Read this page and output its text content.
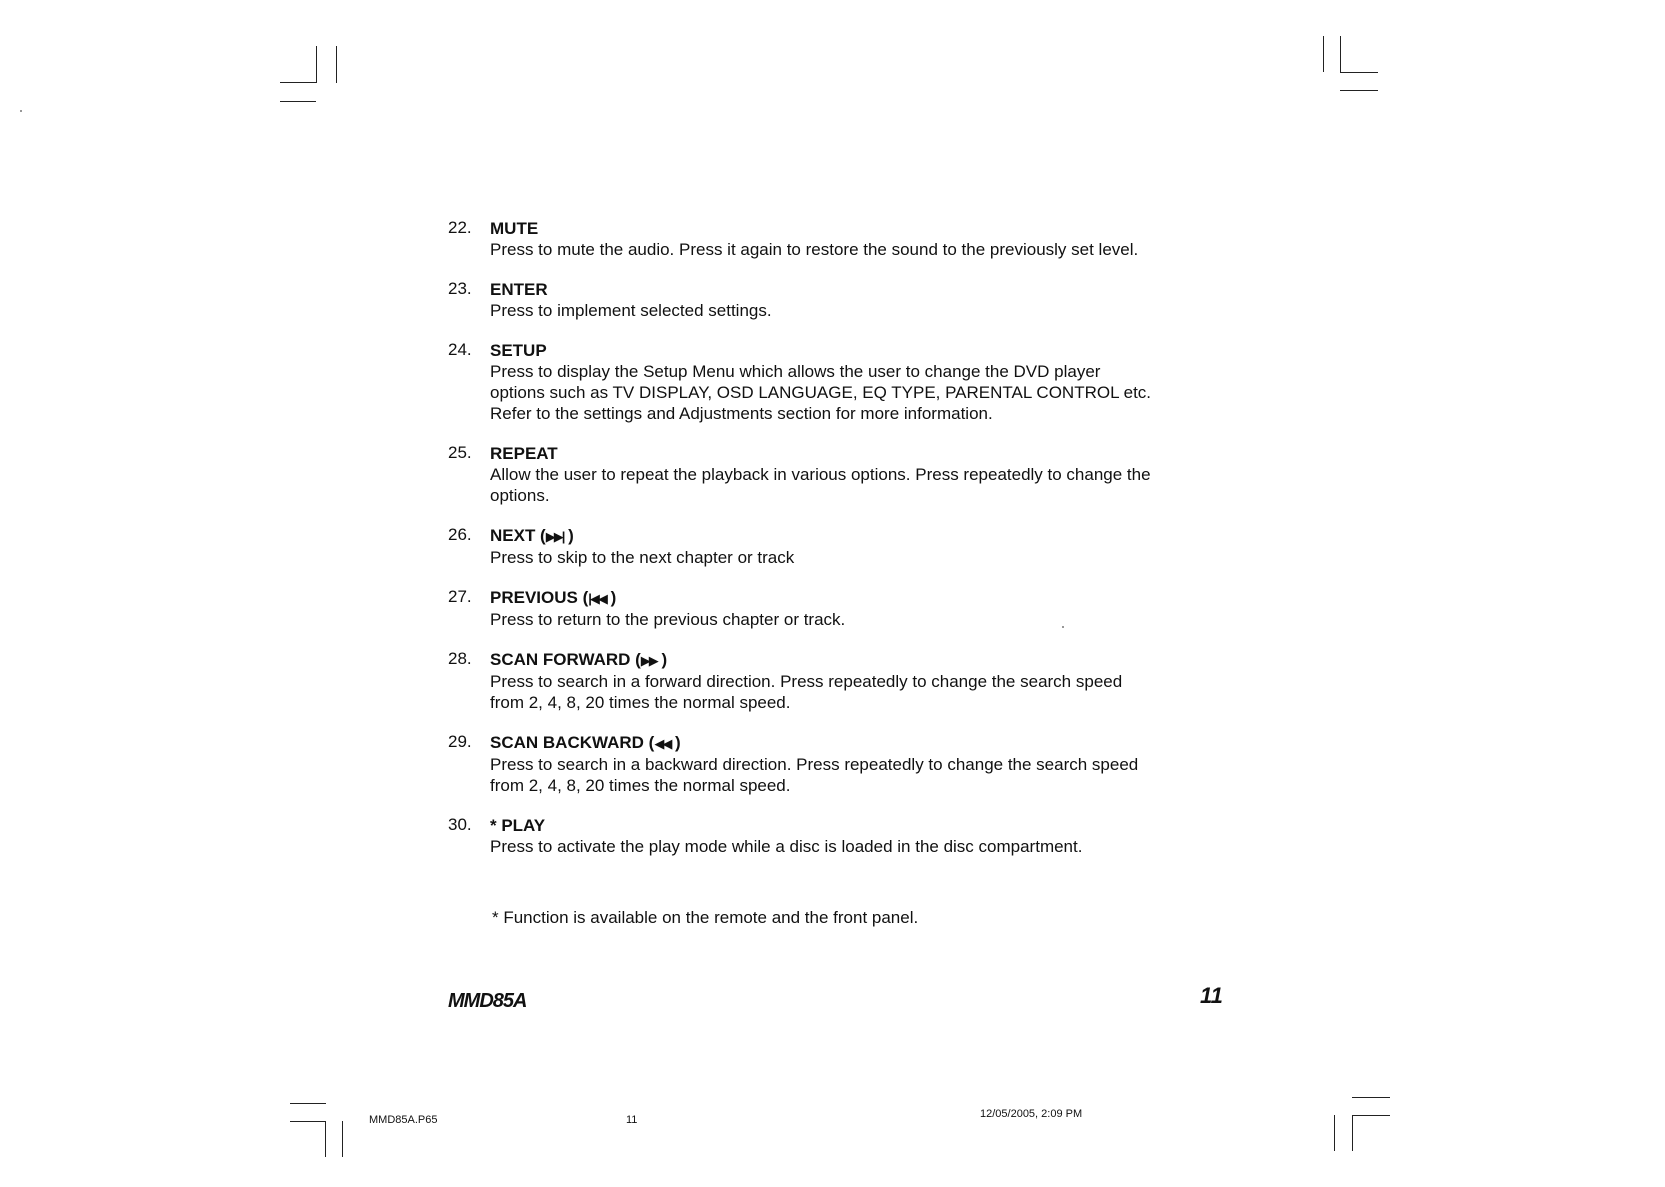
22. MUTE
Press to mute the audio. Press it again to restore the sound to the previously set level.
23. ENTER
Press to implement selected settings.
24. SETUP
Press to display the Setup Menu which allows the user to change the DVD player
options such as TV DISPLAY, OSD LANGUAGE, EQ TYPE, PARENTAL CONTROL etc.
Refer to the settings and Adjustments section for more information.
25. REPEAT
Allow the user to repeat the playback in various options. Press repeatedly to change the
options.
26. NEXT (▶▶| )
Press to skip to the next chapter or track
27. PREVIOUS (|◀◀ )
Press to return to the previous chapter or track.
28. SCAN FORWARD (▶▶ )
Press to search in a forward direction. Press repeatedly to change the search speed
from 2, 4, 8, 20 times the normal speed.
29. SCAN BACKWARD (◀◀ )
Press to search in a backward direction. Press repeatedly to change the search speed
from 2, 4, 8, 20 times the normal speed.
30. * PLAY
Press to activate the play mode while a disc is loaded in the disc compartment.
* Function is available on the remote and the front panel.
MMD85A	11
MMD85A.P65	11	12/05/2005, 2:09 PM
